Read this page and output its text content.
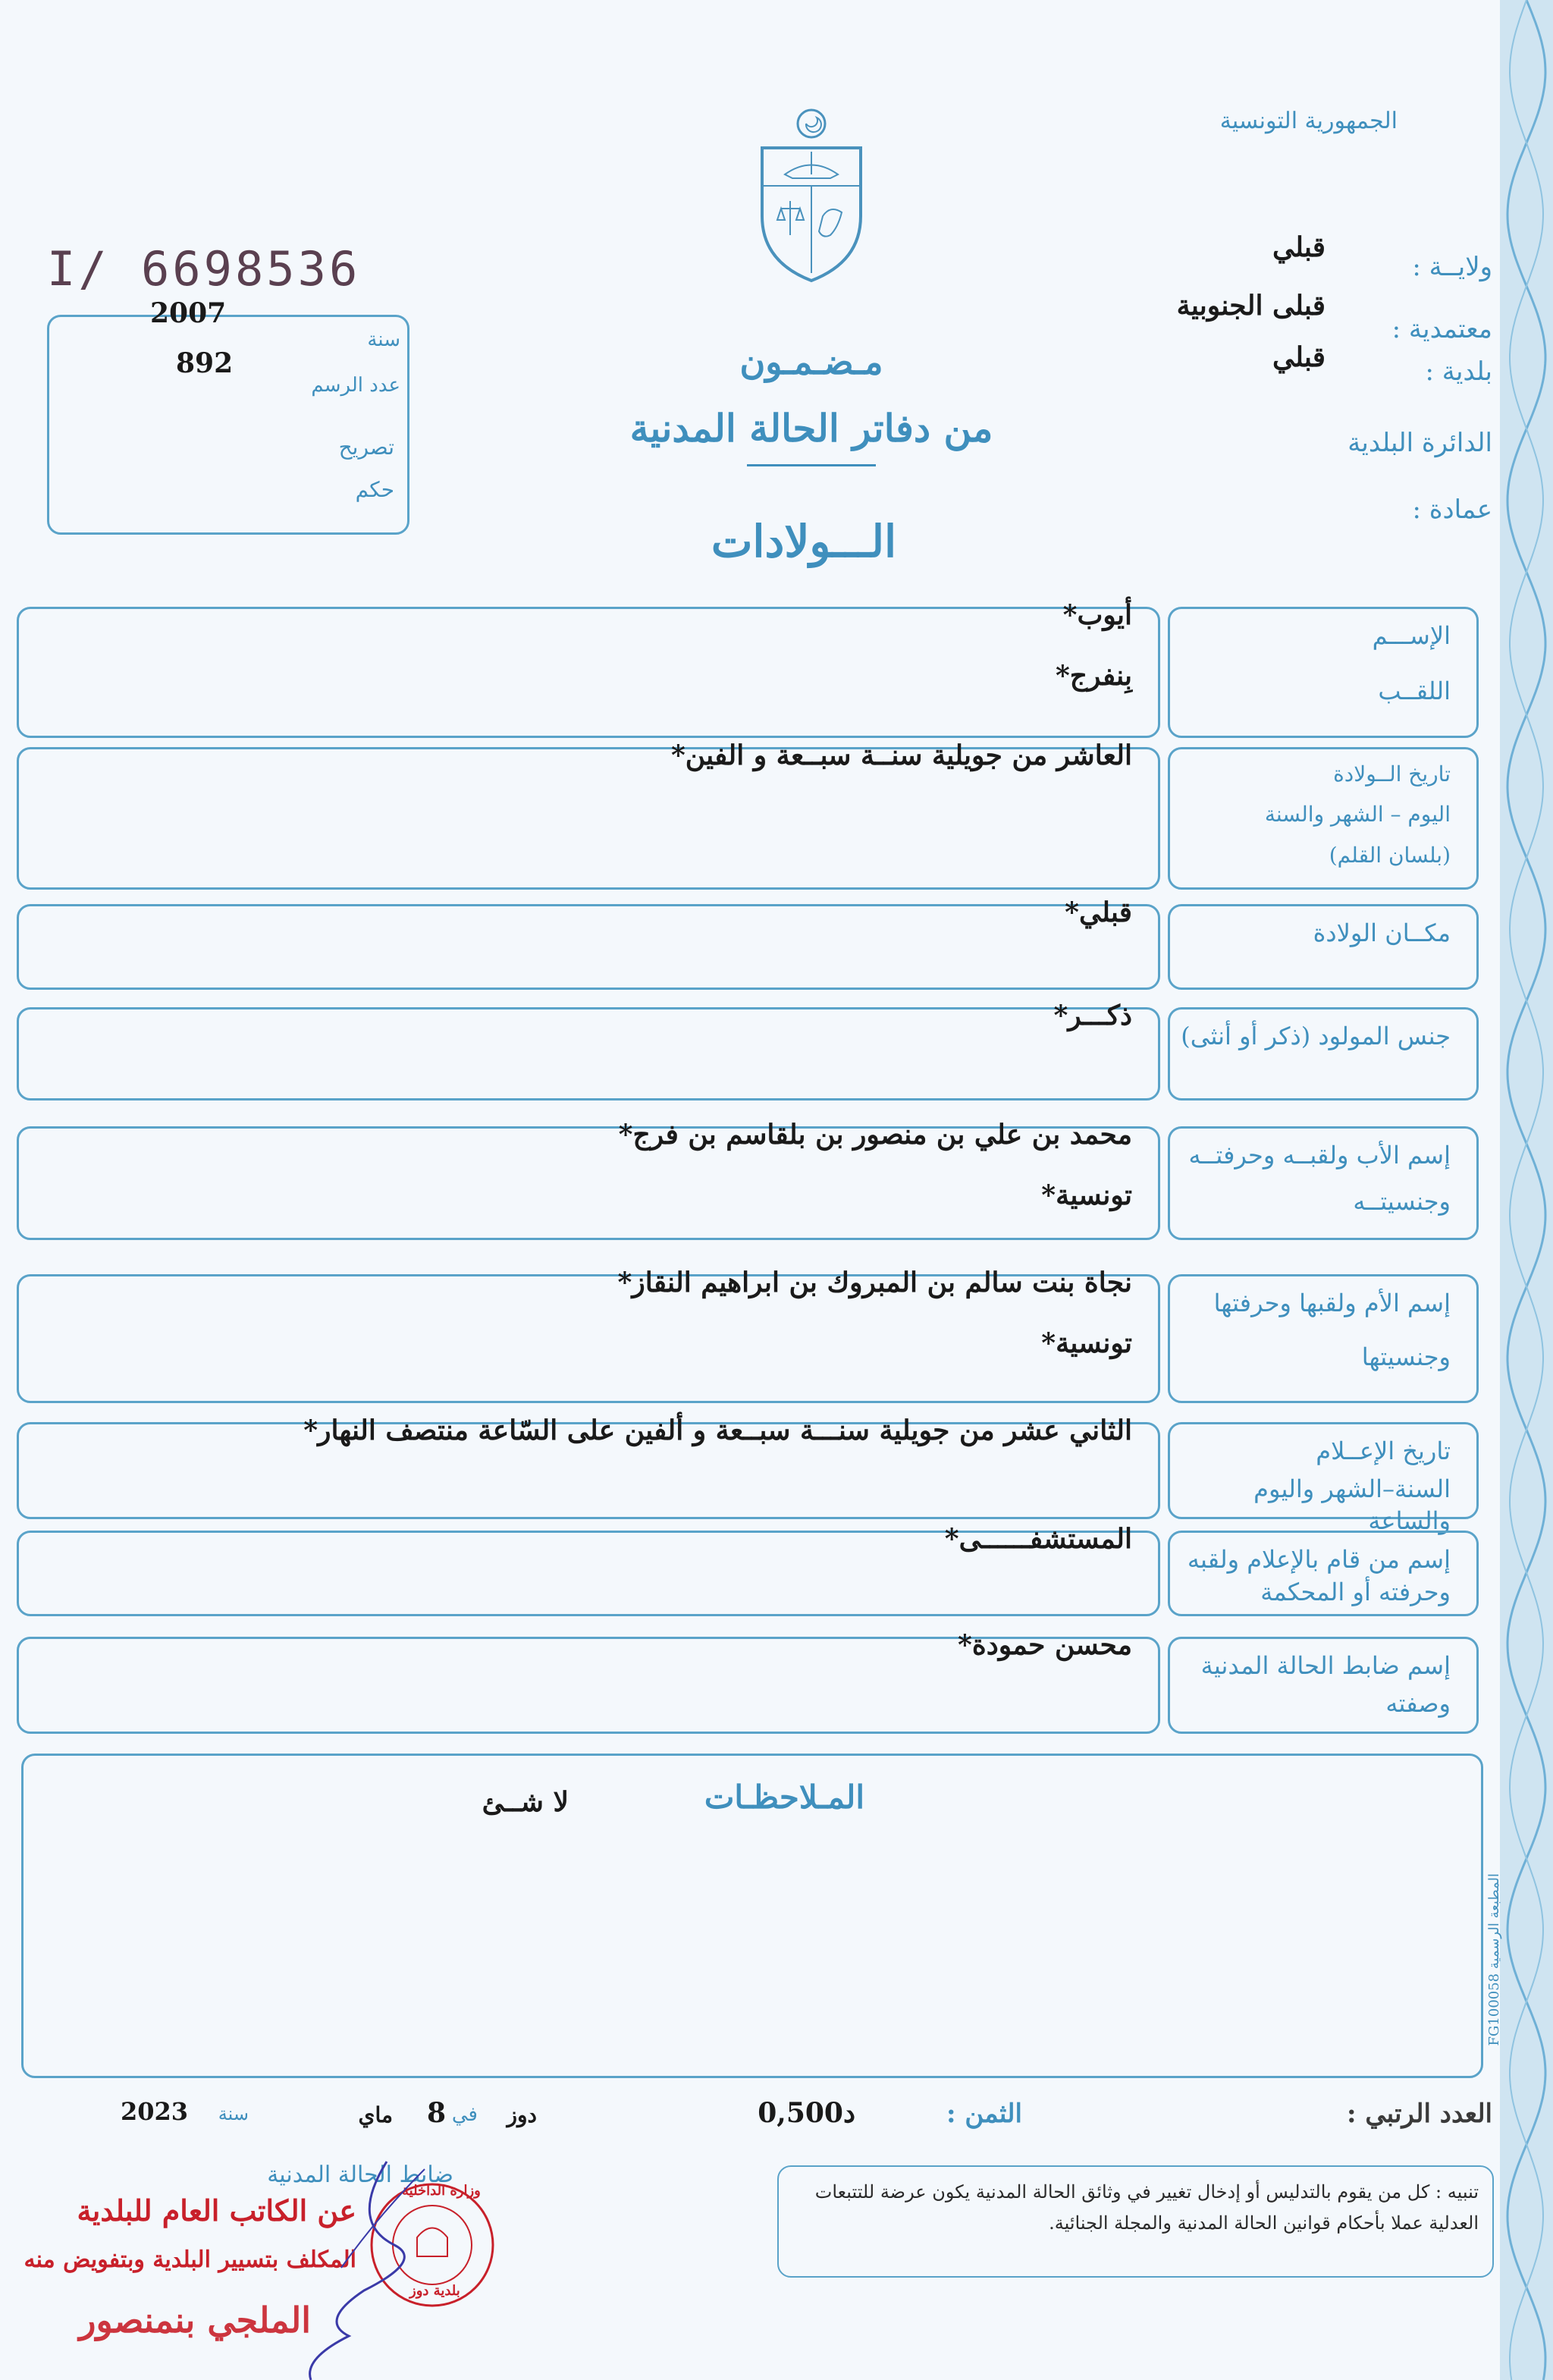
المطبعة الرسمية FG100058
الجمهورية التونسية
I/ 6698536
2007
سنة
892
عدد الرسم
تصريح
حكم
ولايــة :
قبلي
معتمدية :
قبلى الجنوبية
بلدية :
قبلي
الدائرة البلدية
عمادة :
مـضـمـون
من دفاتر الحالة المدنية
الـــولادات
الإســـم
اللقــب
أيوب*
بِنفرج*
تاريخ الــولادة
اليوم – الشهر والسنة
(بلسان القلم)
العاشر من جويلية سنــة سبــعة و الفين*
مكــان الولادة
قبلي*
جنس المولود (ذكر أو أنثى)
ذكـــر*
إسم الأب ولقبــه وحرفتــه
وجنسيتــه
محمد بن علي بن منصور بن بلقاسم بن فرج*
تونسية*
إسم الأم ولقبها وحرفتها
وجنسيتها
نجاة بنت سالم بن المبروك بن ابراهيم النقاز*
تونسية*
تاريخ الإعــلام
السنة–الشهر واليوم والساعة
الثاني عشر من جويلية سنـــة سبــعة و ألفين على السّاعة منتصف النهار*
إسم من قام بالإعلام ولقبه
وحرفته أو المحكمة
المستشفــــــى*
إسم ضابط الحالة المدنية
وصفته
محسن حمودة*
المـلاحظـات
لا شــئ
العدد الرتبي :
الثمن :
0,500د
دوز
في
8
ماي
سنة
2023
ضابط الحالة المدنية
تنبيه : كل من يقوم بالتدليس أو إدخال تغيير في وثائق الحالة المدنية يكون عرضة للتتبعات العدلية عملا بأحكام قوانين الحالة المدنية والمجلة الجنائية.
عن الكاتب العام للبلدية
المكلف بتسيير البلدية وبتفويض منه
الملجي بنمنصور
وزارة الداخلية
بلدية دوز
